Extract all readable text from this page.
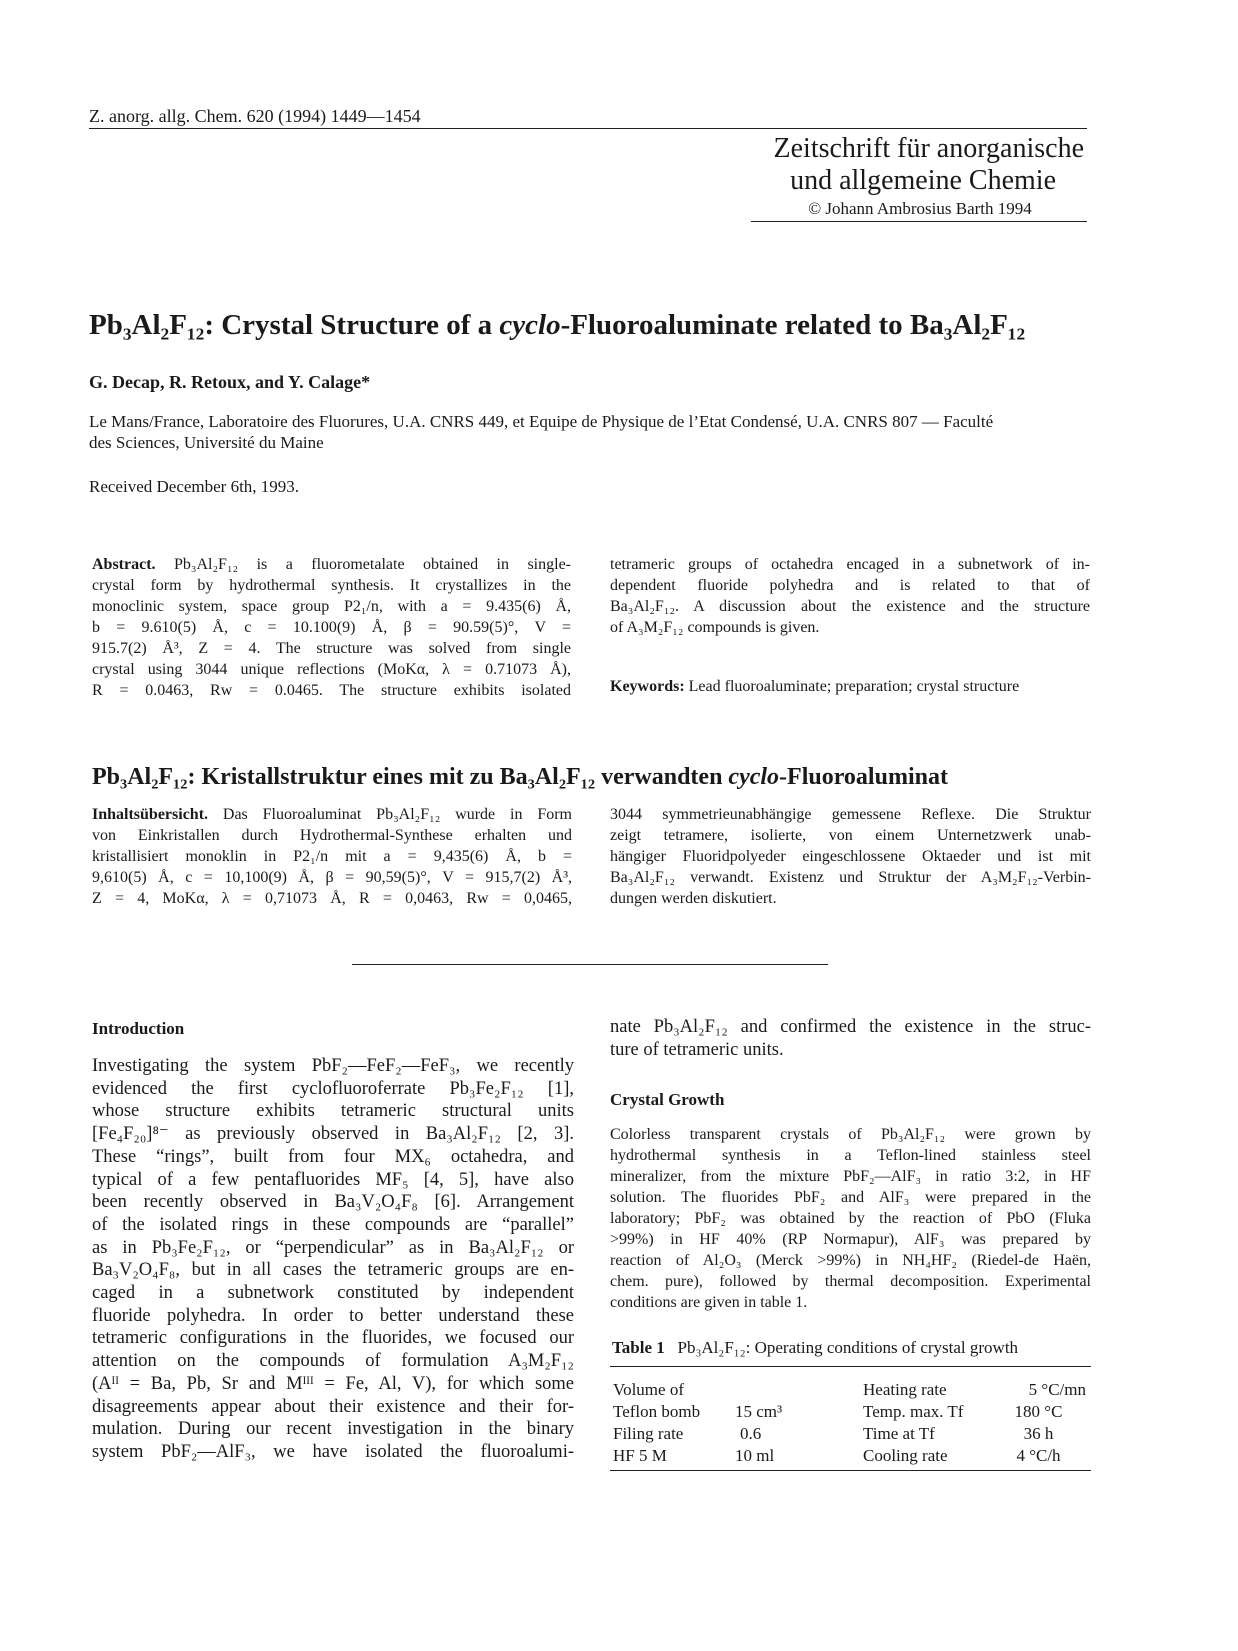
Z. anorg. allg. Chem. 620 (1994) 1449—1454
Zeitschrift für anorganische
und allgemeine Chemie
© Johann Ambrosius Barth 1994
Pb₃Al₂F₁₂: Crystal Structure of a cyclo-Fluoroaluminate related to Ba₃Al₂F₁₂
G. Decap, R. Retoux, and Y. Calage*
Le Mans/France, Laboratoire des Fluorures, U.A. CNRS 449, et Equipe de Physique de l’Etat Condensé, U.A. CNRS 807 — Faculté
des Sciences, Université du Maine
Received December 6th, 1993.
Abstract. Pb₃Al₂F₁₂ is a fluorometalate obtained in single-
crystal form by hydrothermal synthesis. It crystallizes in the
monoclinic system, space group P2₁/n, with a = 9.435(6) Å,
b = 9.610(5) Å, c = 10.100(9) Å, β = 90.59(5)°, V =
915.7(2) Å³, Z = 4. The structure was solved from single
crystal using 3044 unique reflections (MoKα, λ = 0.71073 Å),
R = 0.0463, Rw = 0.0465. The structure exhibits isolated
tetrameric groups of octahedra encaged in a subnetwork of in-
dependent fluoride polyhedra and is related to that of
Ba₃Al₂F₁₂. A discussion about the existence and the structure
of A₃M₂F₁₂ compounds is given.
Keywords: Lead fluoroaluminate; preparation; crystal structure
Pb₃Al₂F₁₂: Kristallstruktur eines mit zu Ba₃Al₂F₁₂ verwandten cyclo-Fluoroaluminat
Inhaltsübersicht. Das Fluoroaluminat Pb₃Al₂F₁₂ wurde in Form
von Einkristallen durch Hydrothermal-Synthese erhalten und
kristallisiert monoklin in P2₁/n mit a = 9,435(6) Å, b =
9,610(5) Å, c = 10,100(9) Å, β = 90,59(5)°, V = 915,7(2) Å³,
Z = 4, MoKα, λ = 0,71073 Å, R = 0,0463, Rw = 0,0465,
3044 symmetrieunabhängige gemessene Reflexe. Die Struktur
zeigt tetramere, isolierte, von einem Unternetzwerk unab-
hängiger Fluoridpolyeder eingeschlossene Oktaeder und ist mit
Ba₃Al₂F₁₂ verwandt. Existenz und Struktur der A₃M₂F₁₂-Verbin-
dungen werden diskutiert.
Introduction
Investigating the system PbF₂—FeF₂—FeF₃, we recently
evidenced the first cyclofluoroferrate Pb₃Fe₂F₁₂ [1],
whose structure exhibits tetrameric structural units
[Fe₄F₂₀]⁸⁻ as previously observed in Ba₃Al₂F₁₂ [2, 3].
These “rings”, built from four MX₆ octahedra, and
typical of a few pentafluorides MF₅ [4, 5], have also
been recently observed in Ba₃V₂O₄F₈ [6]. Arrangement
of the isolated rings in these compounds are “parallel”
as in Pb₃Fe₂F₁₂, or “perpendicular” as in Ba₃Al₂F₁₂ or
Ba₃V₂O₄F₈, but in all cases the tetrameric groups are en-
caged in a subnetwork constituted by independent
fluoride polyhedra. In order to better understand these
tetrameric configurations in the fluorides, we focused our
attention on the compounds of formulation A₃M₂F₁₂
(Aᴵᴵ = Ba, Pb, Sr and Mᴵᴵᴵ = Fe, Al, V), for which some
disagreements appear about their existence and their for-
mulation. During our recent investigation in the binary
system PbF₂—AlF₃, we have isolated the fluoroalumi-
nate Pb₃Al₂F₁₂ and confirmed the existence in the struc-
ture of tetrameric units.
Crystal Growth
Colorless transparent crystals of Pb₃Al₂F₁₂ were grown by
hydrothermal synthesis in a Teflon-lined stainless steel
mineralizer, from the mixture PbF₂—AlF₃ in ratio 3:2, in HF
solution. The fluorides PbF₂ and AlF₃ were prepared in the
laboratory; PbF₂ was obtained by the reaction of PbO (Fluka
>99%) in HF 40% (RP Normapur), AlF₃ was prepared by
reaction of Al₂O₃ (Merck >99%) in NH₄HF₂ (Riedel-de Haën,
chem. pure), followed by thermal decomposition. Experimental
conditions are given in table 1.
Table 1 Pb₃Al₂F₁₂: Operating conditions of crystal growth
Volume of		Heating rate	5 °C/mn
Teflon bomb	15 cm³	Temp. max. Tf	180 °C
Filing rate	0.6	Time at Tf	36 h
HF 5 M	10 ml	Cooling rate	4 °C/h
